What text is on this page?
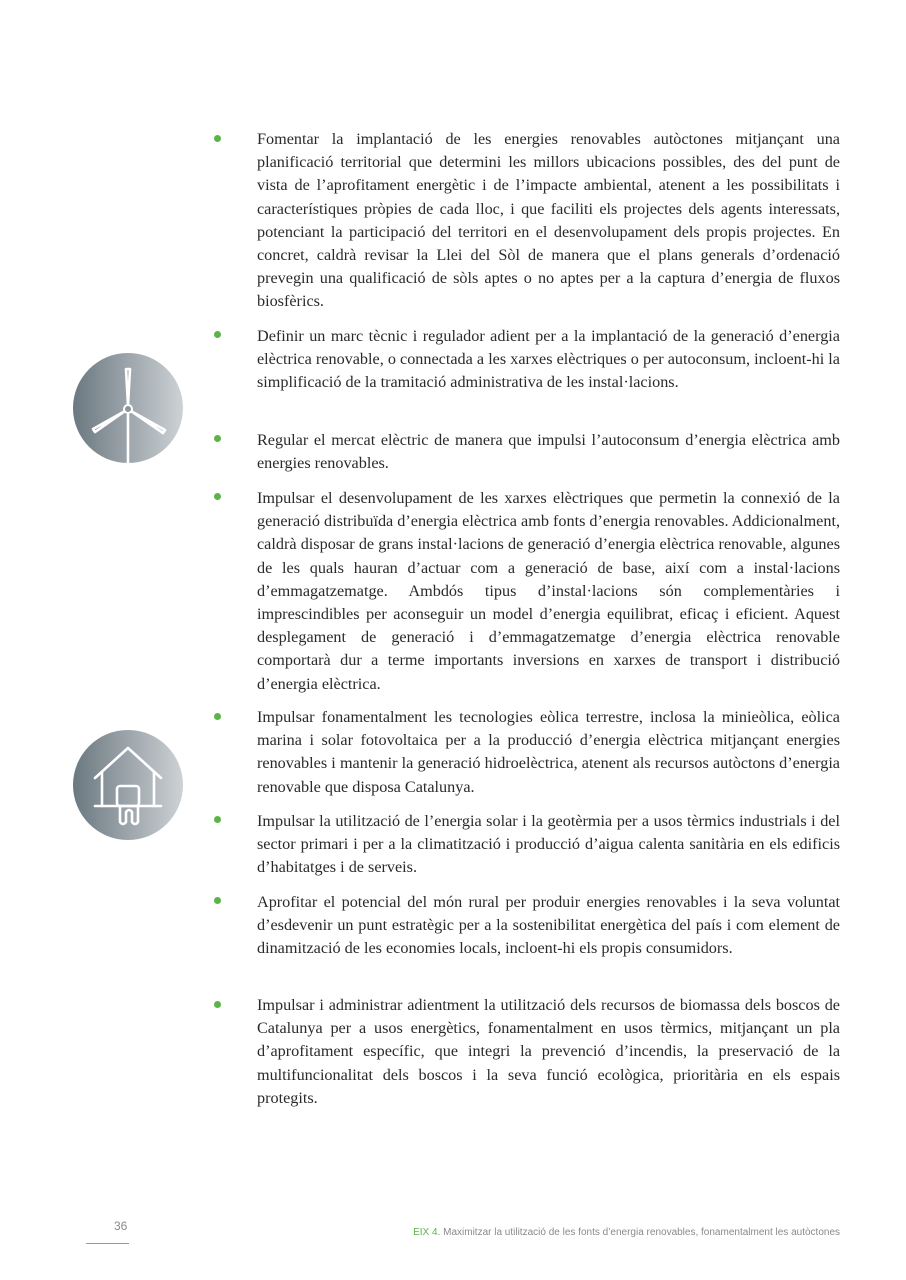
Fomentar la implantació de les energies renovables autòctones mitjançant una planificació territorial que determini les millors ubicacions possibles, des del punt de vista de l’aprofitament energètic i de l’impacte ambiental, atenent a les possibilitats i característiques pròpies de cada lloc, i que faciliti els projectes dels agents interessats, potenciant la participació del territori en el desenvolupament dels propis projectes. En concret, caldrà revisar la Llei del Sòl de manera que el plans generals d’ordenació prevegin una qualificació de sòls aptes o no aptes per a la captura d’energia de fluxos biosfèrics.

Definir un marc tècnic i regulador adient per a la implantació de la generació d’energia elèctrica renovable, o connectada a les xarxes elèctriques o per autoconsum, incloent-hi la simplificació de la tramitació administrativa de les instal·lacions.

Regular el mercat elèctric de manera que impulsi l’autoconsum d’energia elèctrica amb energies renovables.

Impulsar el desenvolupament de les xarxes elèctriques que permetin la connexió de la generació distribuïda d’energia elèctrica amb fonts d’energia renovables. Addicionalment, caldrà disposar de grans instal·lacions de generació d’energia elèctrica renovable, algunes de les quals hauran d’actuar com a generació de base, així com a instal·lacions d’emmagatzematge. Ambdós tipus d’instal·lacions són complementàries i imprescindibles per aconseguir un model d’energia equilibrat, eficaç i eficient. Aquest desplegament de generació i d’emmagatzematge d’energia elèctrica renovable comportarà dur a terme importants inversions en xarxes de transport i distribució d’energia elèctrica.

Impulsar fonamentalment les tecnologies eòlica terrestre, inclosa la minieòlica, eòlica marina i solar fotovoltaica per a la producció d’energia elèctrica mitjançant energies renovables i mantenir la generació hidroelèctrica, atenent als recursos autòctons d’energia renovable que disposa Catalunya.

Impulsar la utilització de l’energia solar i la geotèrmia per a usos tèrmics industrials i del sector primari i per a la climatització i producció d’aigua calenta sanitària en els edificis d’habitatges i de serveis.

Aprofitar el potencial del món rural per produir energies renovables i la seva voluntat d’esdevenir un punt estratègic per a la sostenibilitat energètica del país i com element de dinamització de les economies locals, incloent-hi els propis consumidors.

Impulsar i administrar adientment la utilització dels recursos de biomassa dels boscos de Catalunya per a usos energètics, fonamentalment en usos tèrmics, mitjançant un pla d’aprofitament específic, que integri la prevenció d’incendis, la preservació de la multifuncionalitat dels boscos i la seva funció ecològica, prioritària en els espais protegits.

36	EIX 4. Maximitzar la utilització de les fonts d’energia renovables, fonamentalment les autòctones
